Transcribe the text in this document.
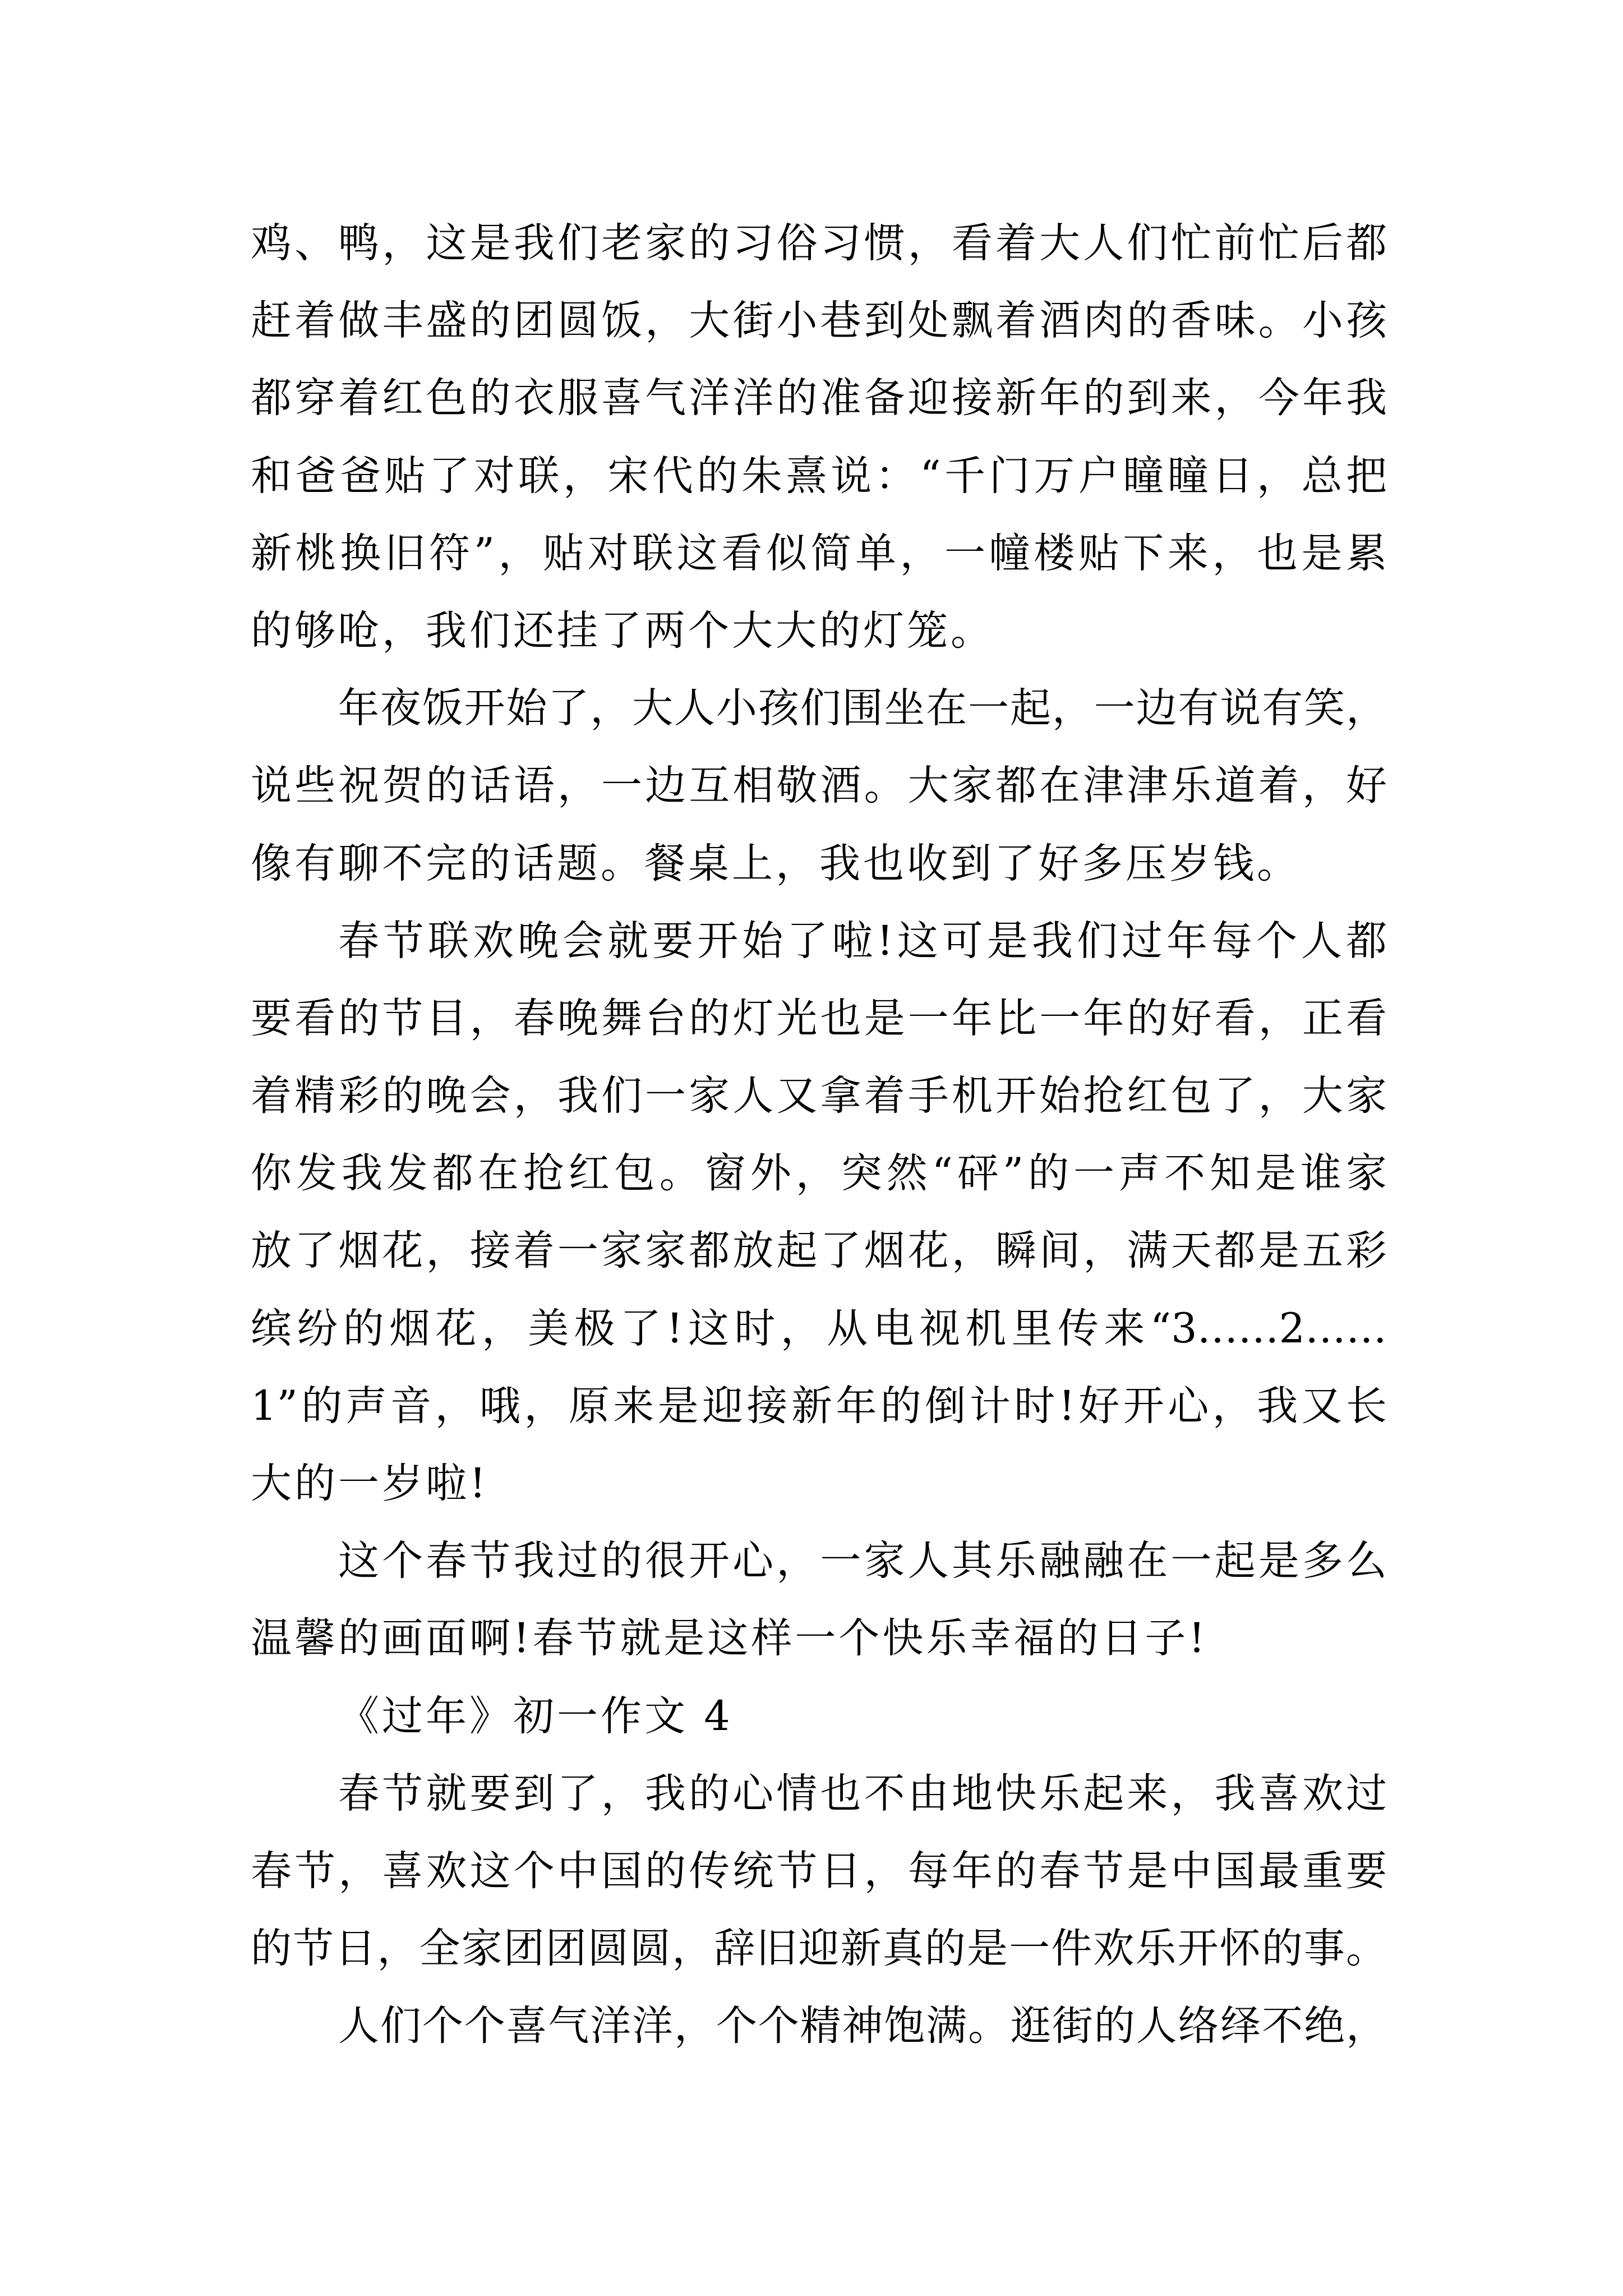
鸡、鸭，这是我们老家的习俗习惯，看着大人们忙前忙后都
赶着做丰盛的团圆饭，大街小巷到处飘着酒肉的香味。小孩
都穿着红色的衣服喜气洋洋的准备迎接新年的到来，今年我
和爸爸贴了对联，宋代的朱熹说：“千门万户瞳瞳日，总把
新桃换旧符”，贴对联这看似简单，一幢楼贴下来，也是累
的够呛，我们还挂了两个大大的灯笼。
年夜饭开始了，大人小孩们围坐在一起，一边有说有笑，
说些祝贺的话语，一边互相敬酒。大家都在津津乐道着，好
像有聊不完的话题。餐桌上，我也收到了好多压岁钱。
春节联欢晚会就要开始了啦!这可是我们过年每个人都
要看的节目，春晚舞台的灯光也是一年比一年的好看，正看
着精彩的晚会，我们一家人又拿着手机开始抢红包了，大家
你发我发都在抢红包。窗外，突然“砰”的一声不知是谁家
放了烟花，接着一家家都放起了烟花，瞬间，满天都是五彩
缤纷的烟花，美极了!这时，从电视机里传来“3……2……
1”的声音，哦，原来是迎接新年的倒计时!好开心，我又长
大的一岁啦!
这个春节我过的很开心，一家人其乐融融在一起是多么
温馨的画面啊!春节就是这样一个快乐幸福的日子!
《过年》初一作文 4
春节就要到了，我的心情也不由地快乐起来，我喜欢过
春节，喜欢这个中国的传统节日，每年的春节是中国最重要
的节日，全家团团圆圆，辞旧迎新真的是一件欢乐开怀的事。
人们个个喜气洋洋，个个精神饱满。逛街的人络绎不绝，
